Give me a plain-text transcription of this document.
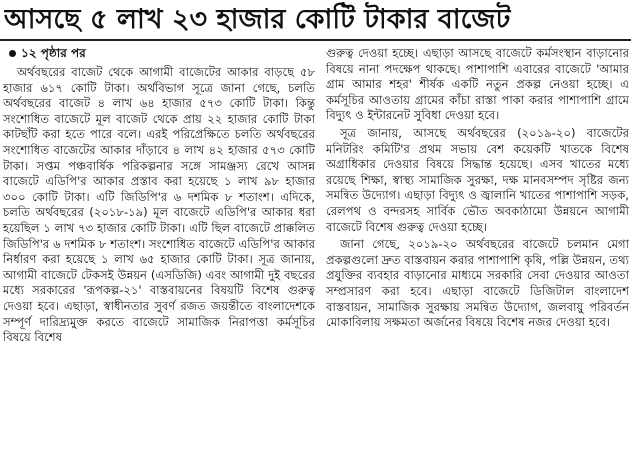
আসছে ৫ লাখ ২৩ হাজার কোটি টাকার বাজেট
১২ পৃষ্ঠার পর

অর্থবছরের বাজেট থেকে আগামী বাজেটের আকার বাড়ছে ৫৮ হাজার ৬১৭ কোটি টাকা। অর্থবিভাগ সূত্রে জানা গেছে, চলতি অর্থবছরের বাজেট ৪ লাখ ৬৪ হাজার ৫৭৩ কোটি টাকা। কিন্তু সংশোধিত বাজেটে মূল বাজেট থেকে প্রায় ২২ হাজার কোটি টাকা কাটছাঁট করা হতে পারে বলে। এরই পরিপ্রেক্ষিতে চলতি অর্থবছরের সংশোধিত বাজেটের আকার দাঁড়াবে ৪ লাখ ৪২ হাজার ৫৭৩ কোটি টাকা। সপ্তম পঞ্চবার্ষিক পরিকল্পনার সঙ্গে সামঞ্জস্য রেখে আসন্ন বাজেটে এডিপি'র আকার প্রস্তাব করা হয়েছে ১ লাখ ৯৮ হাজার ৩০০ কোটি টাকা। এটি জিডিপি'র ৬ দশমিক ৮ শতাংশ। এদিকে, চলতি অর্থবছরের (২০১৮-১৯) মূল বাজেটে এডিপি'র আকার ধরা হয়েছিল ১ লাখ ৭৩ হাজার কোটি টাকা। এটি ছিল বাজেটে প্রাক্কলিত জিডিপি'র ৬ দশমিক ৮ শতাংশ। সংশোধিত বাজেটে এডিপি'র আকার নির্ধারণ করা হয়েছে ১ লাখ ৬৫ হাজার কোটি টাকা। সূত্র জানায়, আগামী বাজেটে টেকসই উন্নয়ন (এসডিজি) এবং আগামী দুই বছরের মধ্যে সরকারের 'রূপকল্প-২১' বাস্তবায়নের বিষয়টি বিশেষ গুরুত্ব দেওয়া হবে। এছাড়া, স্বাধীনতার সুবর্ণ রজত জয়ন্তীতে বাংলাদেশকে সম্পূর্ণ দারিদ্র্যমুক্ত করতে বাজেটে সামাজিক নিরাপত্তা কর্মসূচির বিষয়ে বিশেষ

গুরুত্ব দেওয়া হচ্ছে। এছাড়া আসছে বাজেটে কর্মসংস্থান বাড়ানোর বিষয়ে নানা পদক্ষেপ থাকছে। পাশাপাশি এবারের বাজেটে 'আমার গ্রাম আমার শহর' শীর্ষক একটি নতুন প্রকল্প নেওয়া হচ্ছে। এ কর্মসূচির আওতায় গ্রামের কাঁচা রাস্তা পাকা করার পাশাপাশি গ্রামে বিদ্যুৎ ও ইন্টারনেট সুবিধা দেওয়া হবে।

সূত্র জানায়, আসছে অর্থবছরের (২০১৯-২০) বাজেটের মনিটরিং কমিটি'র প্রথম সভায় বেশ কয়েকটি খাতকে বিশেষ অগ্রাধিকার দেওয়ার বিষয়ে সিদ্ধান্ত হয়েছে। এসব খাতের মধ্যে রয়েছে শিক্ষা, স্বাস্থ্য সামাজিক সুরক্ষা, দক্ষ মানবসম্পদ সৃষ্টির জন্য সমন্বিত উদ্যোগ। এছাড়া বিদ্যুৎ ও জ্বালানি খাতের পাশাপাশি সড়ক, রেলপথ ও বন্দরসহ সার্বিক ভৌত অবকাঠামো উন্নয়নে আগামী বাজেটে বিশেষ গুরুত্ব দেওয়া হচ্ছে।

জানা গেছে, ২০১৯-২০ অর্থবছরের বাজেটে চলমান মেগা প্রকল্পগুলো দ্রুত বাস্তবায়ন করার পাশাপাশি কৃষি, পল্লি উন্নয়ন, তথ্য প্রযুক্তির ব্যবহার বাড়ানোর মাধ্যমে সরকারি সেবা দেওয়ার আওতা সম্প্রসারণ করা হবে। এছাড়া বাজেটে ডিজিটাল বাংলাদেশ বাস্তবায়ন, সামাজিক সুরক্ষায় সমন্বিত উদ্যোগ, জলবায়ু পরিবর্তন মোকাবিলায় সক্ষমতা অর্জনের বিষয়ে বিশেষ নজর দেওয়া হবে।
